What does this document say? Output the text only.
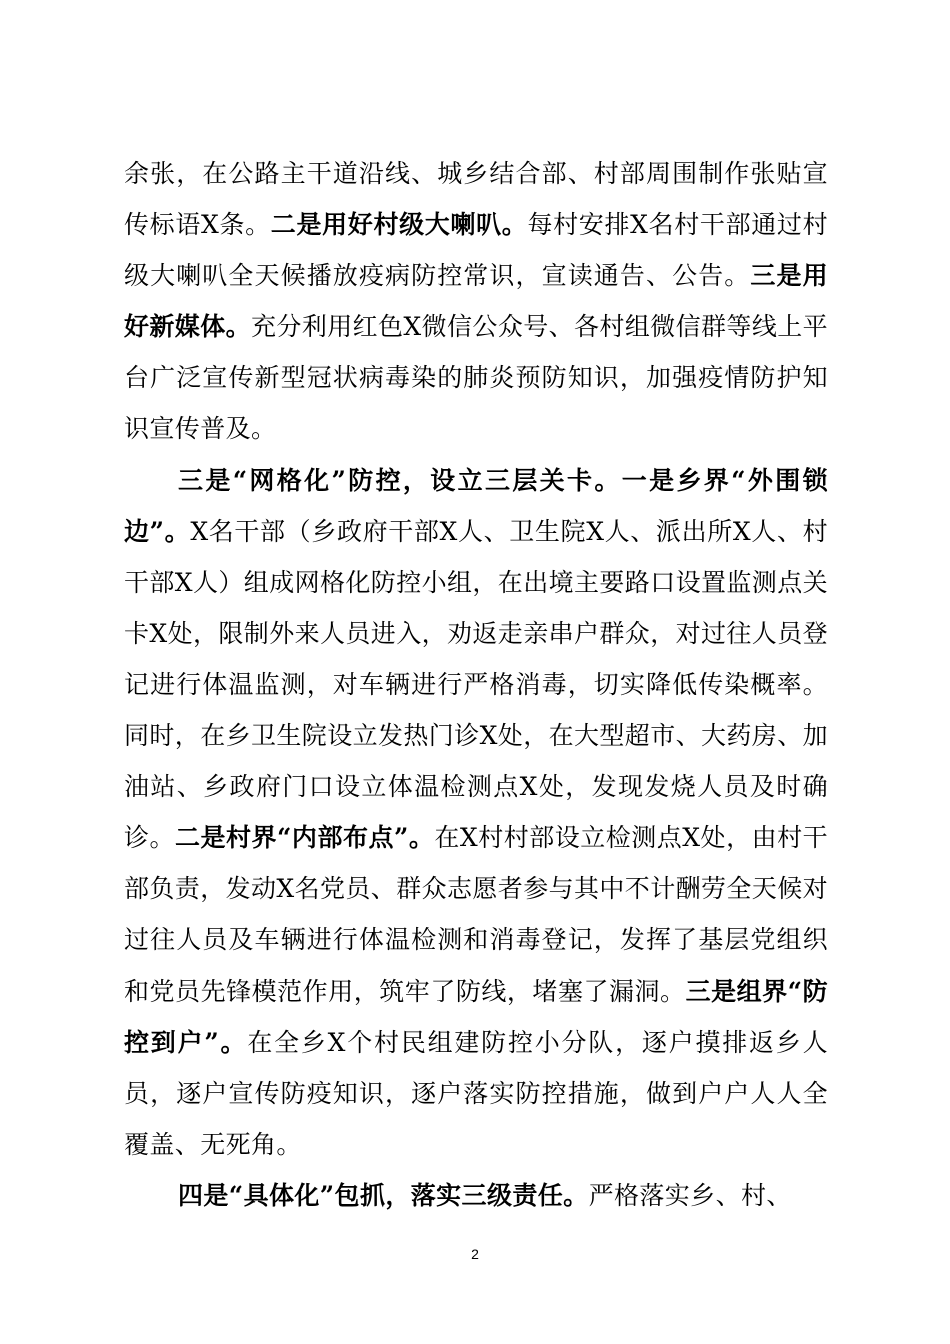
余张，在公路主干道沿线、城乡结合部、村部周围制作张贴宣传标语X条。二是用好村级大喇叭。每村安排X名村干部通过村级大喇叭全天候播放疫病防控常识，宣读通告、公告。三是用好新媒体。充分利用红色X微信公众号、各村组微信群等线上平台广泛宣传新型冠状病毒染的肺炎预防知识，加强疫情防护知识宣传普及。

三是“网格化”防控，设立三层关卡。一是乡界“外围锁边”。X名干部（乡政府干部X人、卫生院X人、派出所X人、村干部X人）组成网格化防控小组，在出境主要路口设置监测点关卡X处，限制外来人员进入，劝返走亲串户群众，对过往人员登记进行体温监测，对车辆进行严格消毒，切实降低传染概率。同时，在乡卫生院设立发热门诊X处，在大型超市、大药房、加油站、乡政府门口设立体温检测点X处，发现发烧人员及时确诊。二是村界“内部布点”。在X村村部设立检测点X处，由村干部负责，发动X名党员、群众志愿者参与其中不计酬劳全天候对过往人员及车辆进行体温检测和消毒登记，发挥了基层党组织和党员先锋模范作用，筑牢了防线，堵塞了漏洞。三是组界“防控到户”。在全乡X个村民组建防控小分队，逐户摸排返乡人员，逐户宣传防疫知识，逐户落实防控措施，做到户户人人全覆盖、无死角。

四是“具体化”包抓，落实三级责任。严格落实乡、村、

2
